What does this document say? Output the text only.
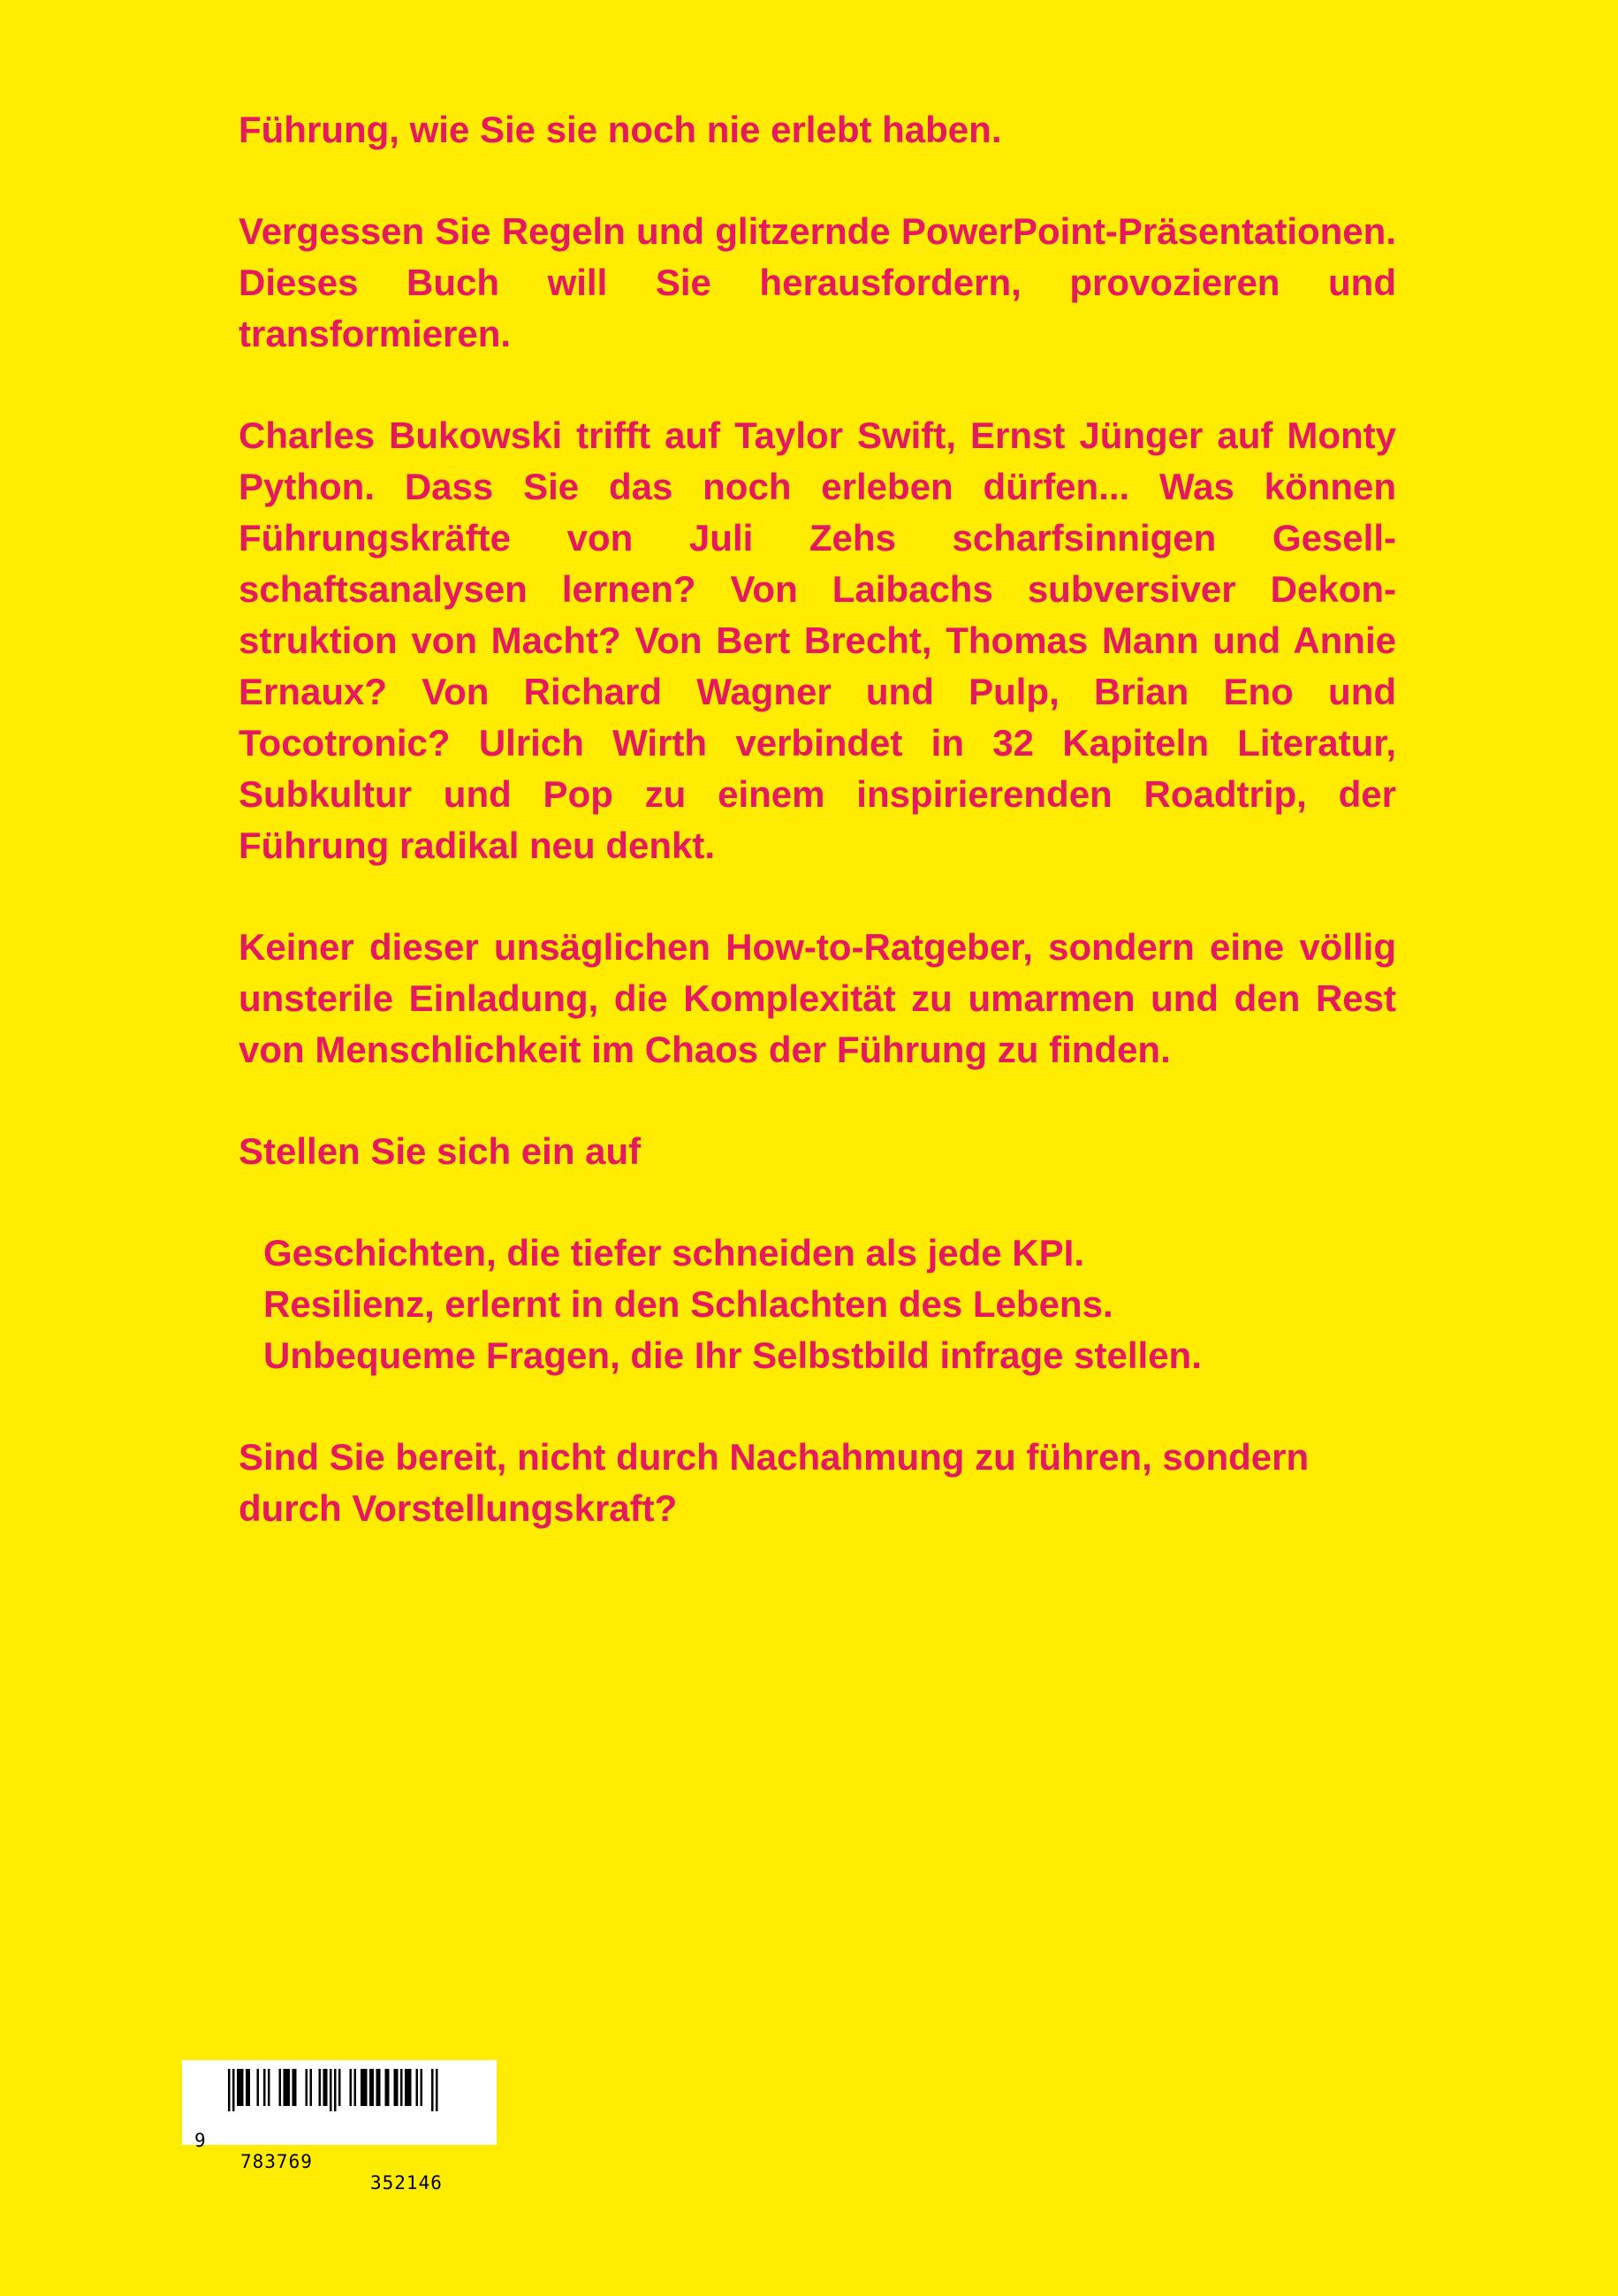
Führung, wie Sie sie noch nie erlebt haben.

Vergessen Sie Regeln und glitzernde PowerPoint-Präsentationen. Dieses Buch will Sie herausfordern, provozieren und transformieren.

Charles Bukowski trifft auf Taylor Swift, Ernst Jünger auf Monty Python. Dass Sie das noch erleben dürfen... Was können Führungskräfte von Juli Zehs scharfsinnigen Gesellschaftsanalysen lernen? Von Laibachs subversiver Dekonstruktion von Macht? Von Bert Brecht, Thomas Mann und Annie Ernaux? Von Richard Wagner und Pulp, Brian Eno und Tocotronic? Ulrich Wirth verbindet in 32 Kapiteln Literatur, Subkultur und Pop zu einem inspirierenden Roadtrip, der Führung radikal neu denkt.

Keiner dieser unsäglichen How-to-Ratgeber, sondern eine völlig unsterile Einladung, die Komplexität zu umarmen und den Rest von Menschlichkeit im Chaos der Führung zu finden.

Stellen Sie sich ein auf

Geschichten, die tiefer schneiden als jede KPI.
Resilienz, erlernt in den Schlachten des Lebens.
Unbequeme Fragen, die Ihr Selbstbild infrage stellen.

Sind Sie bereit, nicht durch Nachahmung zu führen, sondern durch Vorstellungskraft?

9

783769

352146
